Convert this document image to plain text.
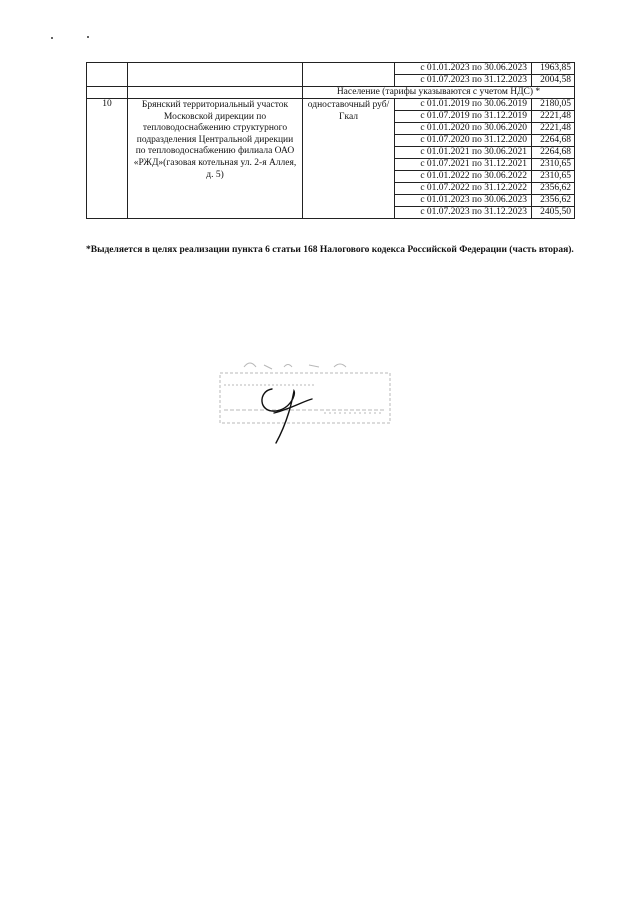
			с 01.01.2023 по 30.06.2023	1963,85
			с 01.07.2023 по 31.12.2023	2004,58
		Население (тарифы указываются с учетом НДС) *		
10	Брянский территориальный участок Московской дирекции по тепловодоснабжению структурного подразделения Центральной дирекции по тепловодоснабжению филиала ОАО «РЖД»(газовая котельная ул. 2-я Аллея, д. 5)	одноставочный руб/Гкал	с 01.01.2019 по 30.06.2019	2180,05
			с 01.07.2019 по 31.12.2019	2221,48
			с 01.01.2020 по 30.06.2020	2221,48
			с 01.07.2020 по 31.12.2020	2264,68
			с 01.01.2021 по 30.06.2021	2264,68
			с 01.07.2021 по 31.12.2021	2310,65
			с 01.01.2022 по 30.06.2022	2310,65
			с 01.07.2022 по 31.12.2022	2356,62
			с 01.01.2023 по 30.06.2023	2356,62
			с 01.07.2023 по 31.12.2023	2405,50
*Выделяется в целях реализации пункта 6 статьи 168 Налогового кодекса Российской Федерации (часть вторая).
